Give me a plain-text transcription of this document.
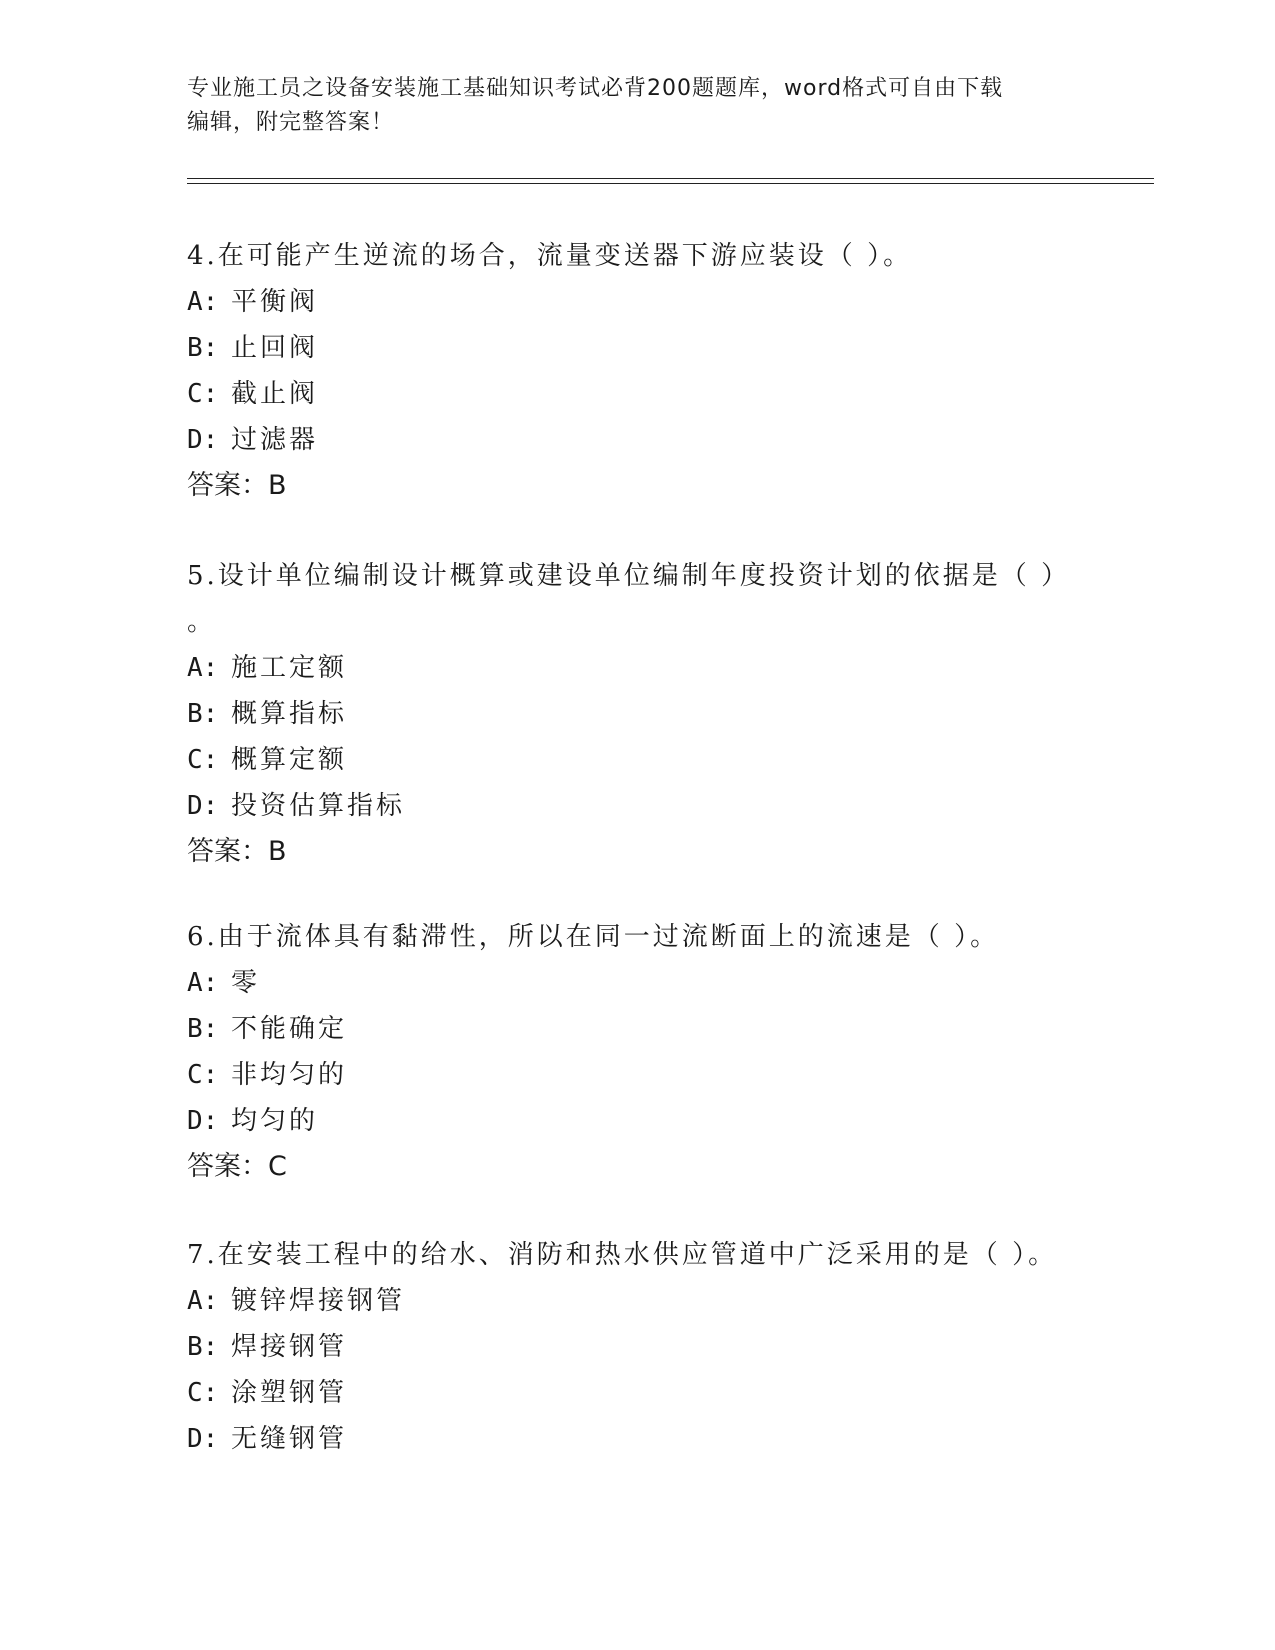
专业施工员之设备安装施工基础知识考试必背200题题库，word格式可自由下载
编辑，附完整答案！
4.在可能产生逆流的场合，流量变送器下游应装设（ ）。
A: 平衡阀
B: 止回阀
C: 截止阀
D: 过滤器
答案：B
5.设计单位编制设计概算或建设单位编制年度投资计划的依据是（ ）
。
A: 施工定额
B: 概算指标
C: 概算定额
D: 投资估算指标
答案：B
6.由于流体具有黏滞性，所以在同一过流断面上的流速是（ ）。
A: 零
B: 不能确定
C: 非均匀的
D: 均匀的
答案：C
7.在安装工程中的给水、消防和热水供应管道中广泛采用的是（ ）。
A: 镀锌焊接钢管
B: 焊接钢管
C: 涂塑钢管
D: 无缝钢管
